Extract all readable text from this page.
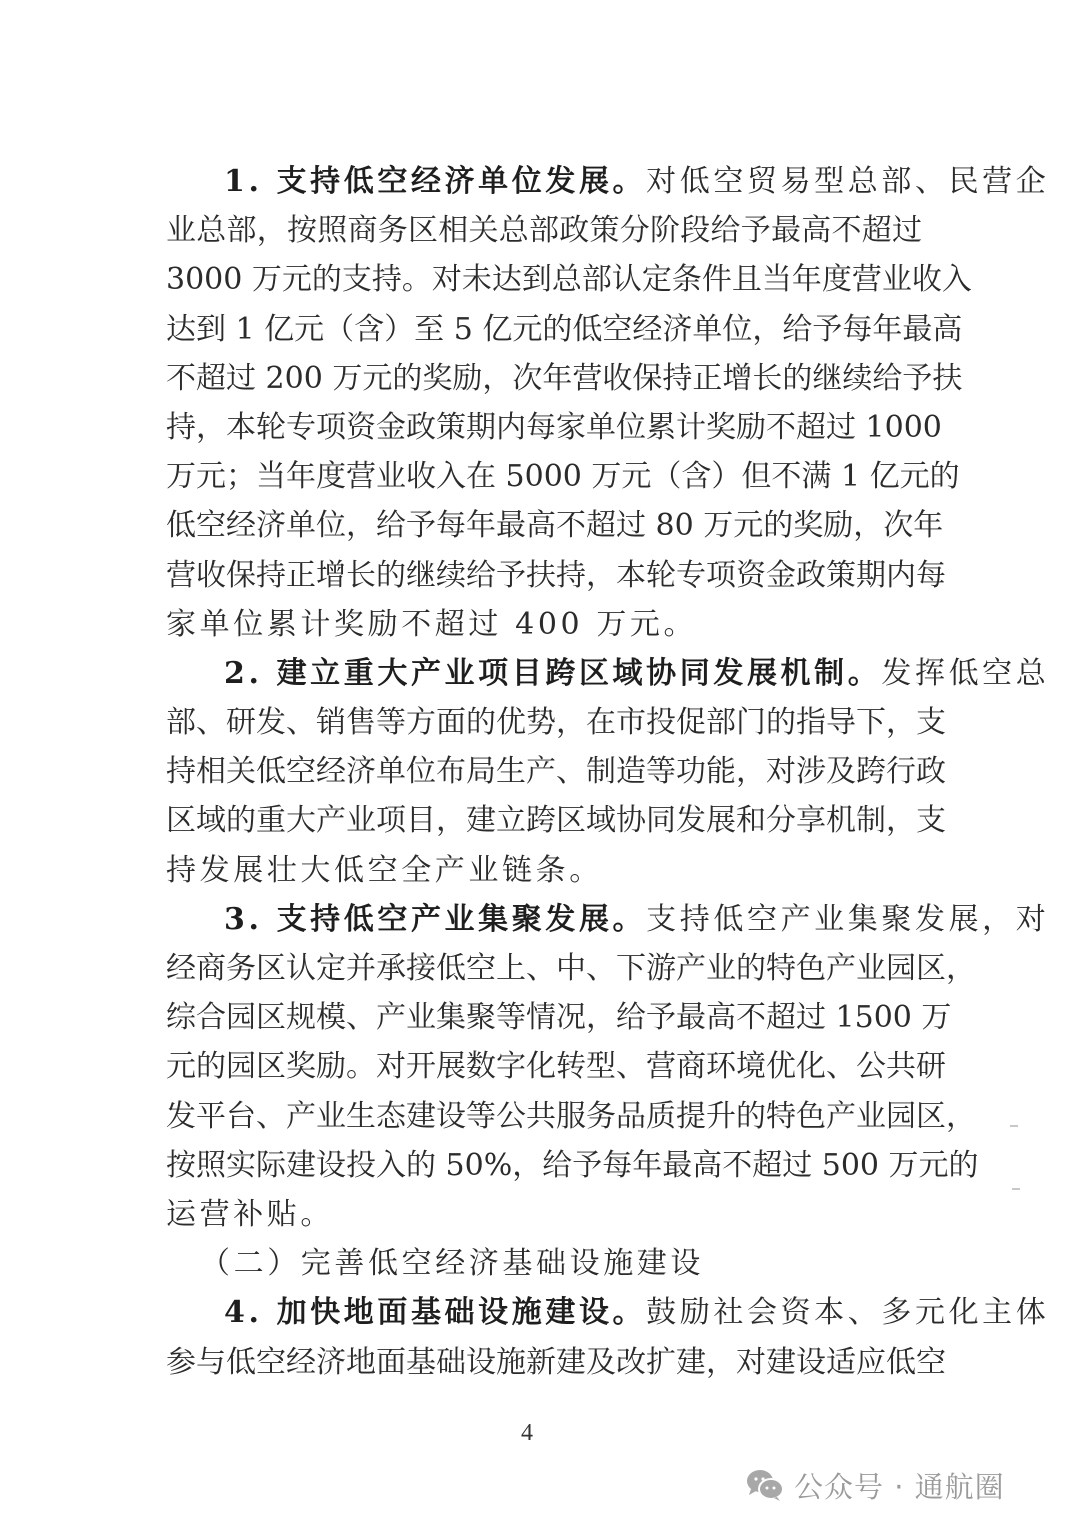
1. 支持低空经济单位发展。对低空贸易型总部、民营企
业总部，按照商务区相关总部政策分阶段给予最高不超过
3000 万元的支持。对未达到总部认定条件且当年度营业收入
达到 1 亿元（含）至 5 亿元的低空经济单位，给予每年最高
不超过 200 万元的奖励，次年营收保持正增长的继续给予扶
持，本轮专项资金政策期内每家单位累计奖励不超过 1000
万元；当年度营业收入在 5000 万元（含）但不满 1 亿元的
低空经济单位，给予每年最高不超过 80 万元的奖励，次年
营收保持正增长的继续给予扶持，本轮专项资金政策期内每
家单位累计奖励不超过 400 万元。
2. 建立重大产业项目跨区域协同发展机制。发挥低空总
部、研发、销售等方面的优势，在市投促部门的指导下，支
持相关低空经济单位布局生产、制造等功能，对涉及跨行政
区域的重大产业项目，建立跨区域协同发展和分享机制，支
持发展壮大低空全产业链条。
3. 支持低空产业集聚发展。支持低空产业集聚发展，对
经商务区认定并承接低空上、中、下游产业的特色产业园区，
综合园区规模、产业集聚等情况，给予最高不超过 1500 万
元的园区奖励。对开展数字化转型、营商环境优化、公共研
发平台、产业生态建设等公共服务品质提升的特色产业园区，
按照实际建设投入的 50%，给予每年最高不超过 500 万元的
运营补贴。
（二）完善低空经济基础设施建设
4. 加快地面基础设施建设。鼓励社会资本、多元化主体
参与低空经济地面基础设施新建及改扩建，对建设适应低空
4
公众号 · 通航圈
